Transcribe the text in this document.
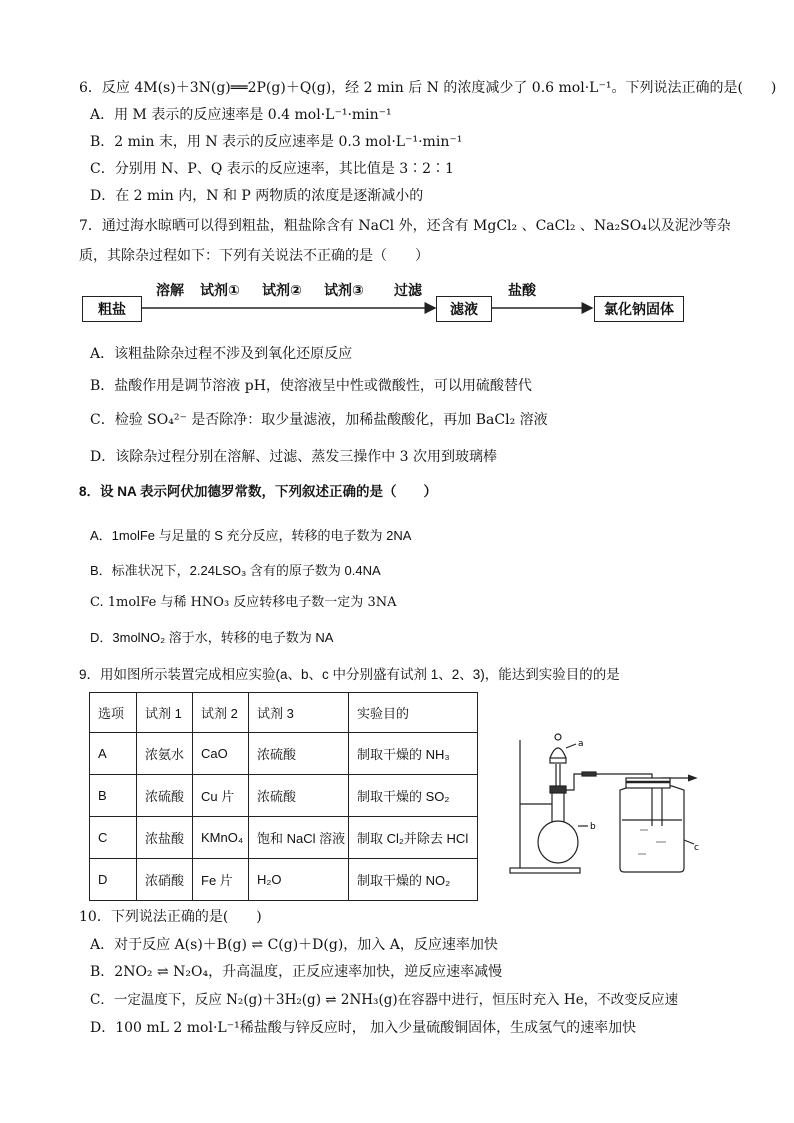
6．反应 4M(s)＋3N(g)══2P(g)＋Q(g)，经 2 min 后 N 的浓度减少了 0.6 mol·L⁻¹。下列说法正确的是(　　)
A．用 M 表示的反应速率是 0.4 mol·L⁻¹·min⁻¹
B．2 min 末，用 N 表示的反应速率是 0.3 mol·L⁻¹·min⁻¹
C．分别用 N、P、Q 表示的反应速率，其比值是 3∶2∶1
D．在 2 min 内，N 和 P 两物质的浓度是逐渐减小的
7．通过海水晾晒可以得到粗盐，粗盐除含有 NaCl 外，还含有 MgCl₂ 、CaCl₂ 、Na₂SO₄以及泥沙等杂
质，其除杂过程如下：下列有关说法不正确的是（　　）
粗盐
溶解 试剂① 试剂② 试剂③ 过滤
滤液
盐酸
氯化钠固体
A．该粗盐除杂过程不涉及到氧化还原反应
B．盐酸作用是调节溶液 pH，使溶液呈中性或微酸性，可以用硫酸替代
C．检验 SO₄²⁻ 是否除净：取少量滤液，加稀盐酸酸化，再加 BaCl₂ 溶液
D．该除杂过程分别在溶解、过滤、蒸发三操作中 3 次用到玻璃棒
8．设 NA 表示阿伏加德罗常数，下列叙述正确的是（　　）
A．1molFe 与足量的 S 充分反应，转移的电子数为 2NA
B．标准状况下，2.24LSO₃ 含有的原子数为 0.4NA
C. 1molFe 与稀 HNO₃ 反应转移电子数一定为 3NA
D．3molNO₂ 溶于水，转移的电子数为 NA
9．用如图所示装置完成相应实验(a、b、c 中分别盛有试剂 1、2、3)，能达到实验目的的是
选项	试剂 1	试剂 2	试剂 3	实验目的
A	浓氨水	CaO	浓硫酸	制取干燥的 NH₃
B	浓硫酸	Cu 片	浓硫酸	制取干燥的 SO₂
C	浓盐酸	KMnO₄	饱和 NaCl 溶液	制取 Cl₂并除去 HCl
D	浓硝酸	Fe 片	H₂O	制取干燥的 NO₂
a
b
c
10．下列说法正确的是(　　)
A．对于反应 A(s)＋B(g) ⇌ C(g)＋D(g)，加入 A，反应速率加快
B．2NO₂ ⇌ N₂O₄，升高温度，正反应速率加快，逆反应速率减慢
C．一定温度下，反应 N₂(g)＋3H₂(g) ⇌ 2NH₃(g)在容器中进行，恒压时充入 He，不改变反应速
D．100 mL 2 mol·L⁻¹稀盐酸与锌反应时， 加入少量硫酸铜固体，生成氢气的速率加快
